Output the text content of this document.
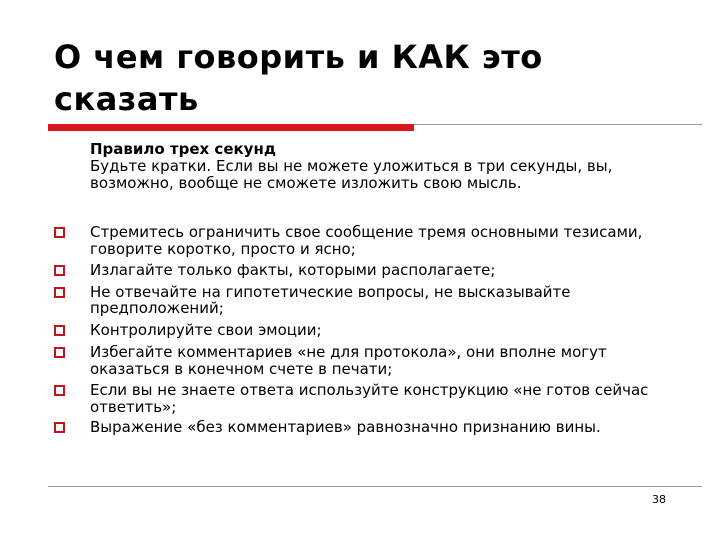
О чем говорить и КАК это сказать
Правило трех секунд
Будьте кратки. Если вы не можете уложиться в три секунды, вы, возможно, вообще не сможете изложить свою мысль.
Стремитесь ограничить свое сообщение тремя основными тезисами, говорите коротко, просто и ясно;
Излагайте только факты, которыми располагаете;
Не отвечайте на гипотетические вопросы, не высказывайте предположений;
Контролируйте свои эмоции;
Избегайте комментариев «не для протокола», они вполне могут оказаться в конечном счете в печати;
Если вы не знаете ответа используйте конструкцию «не готов сейчас ответить»;
Выражение «без комментариев» равнозначно признанию вины.
38
